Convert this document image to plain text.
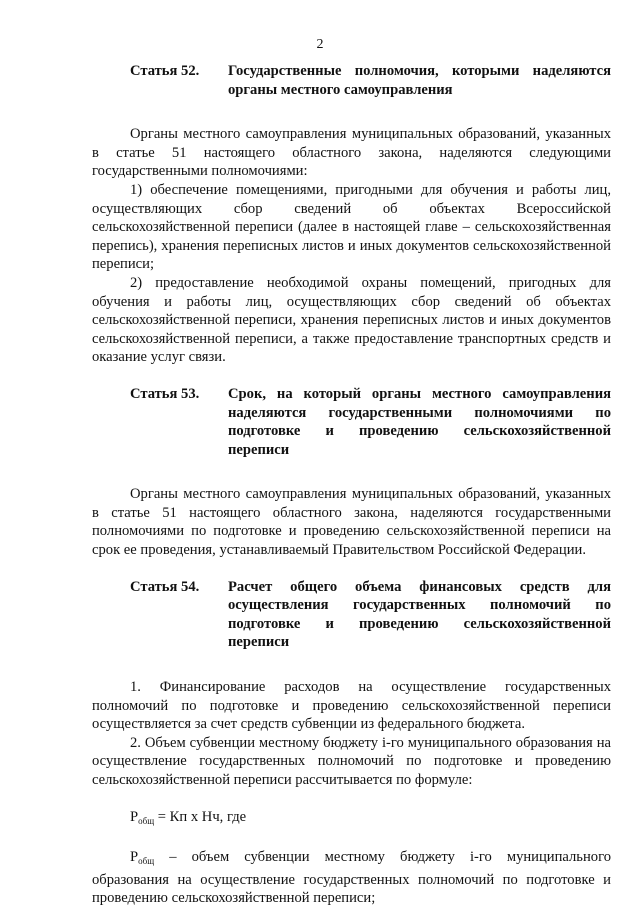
2
Статья 52.	Государственные полномочия, которыми наделяются органы местного самоуправления

Органы местного самоуправления муниципальных образований, указанных в статье 51 настоящего областного закона, наделяются следующими государственными полномочиями:

1) обеспечение помещениями, пригодными для обучения и работы лиц, осуществляющих сбор сведений об объектах Всероссийской сельскохозяйственной переписи (далее в настоящей главе – сельскохозяйственная перепись), хранения переписных листов и иных документов сельскохозяйственной переписи;

2) предоставление необходимой охраны помещений, пригодных для обучения и работы лиц, осуществляющих сбор сведений об объектах сельскохозяйственной переписи, хранения переписных листов и иных документов сельскохозяйственной переписи, а также предоставление транспортных средств и оказание услуг связи.

Статья 53.	Срок, на который органы местного самоуправления наделяются государственными полномочиями по подготовке и проведению сельскохозяйственной переписи

Органы местного самоуправления муниципальных образований, указанных в статье 51 настоящего областного закона, наделяются государственными полномочиями по подготовке и проведению сельскохозяйственной переписи на срок ее проведения, устанавливаемый Правительством Российской Федерации.

Статья 54.	Расчет общего объема финансовых средств для осуществления государственных полномочий по подготовке и проведению сельскохозяйственной переписи

1. Финансирование расходов на осуществление государственных полномочий по подготовке и проведению сельскохозяйственной переписи осуществляется за счет средств субвенции из федерального бюджета.

2. Объем субвенции местному бюджету i-го муниципального образования на осуществление государственных полномочий по подготовке и проведению сельскохозяйственной переписи рассчитывается по формуле:

$Р_{общ}$ = Кп х Нч, где

$Р_{общ}$ – объем субвенции местному бюджету i-го муниципального образования на осуществление государственных полномочий по подготовке и проведению сельскохозяйственной переписи;
